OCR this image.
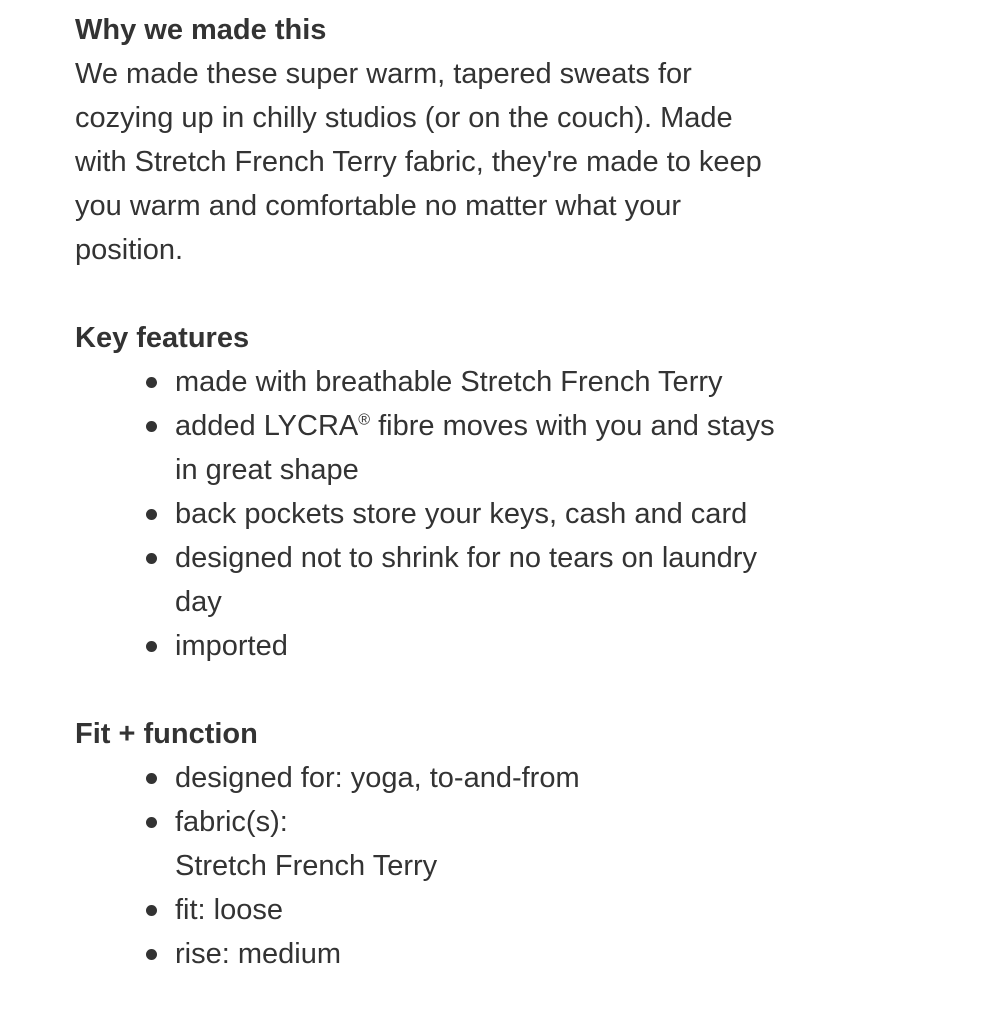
Why we made this

We made these super warm, tapered sweats for
cozying up in chilly studios (or on the couch). Made
with Stretch French Terry fabric, they're made to keep
you warm and comfortable no matter what your
position.

Key features
made with breathable Stretch French Terry
added LYCRA® fibre moves with you and stays
in great shape
back pockets store your keys, cash and card
designed not to shrink for no tears on laundry
day
imported
Fit + function
designed for: yoga, to-and-from
fabric(s):
Stretch French Terry
fit: loose
rise: medium
